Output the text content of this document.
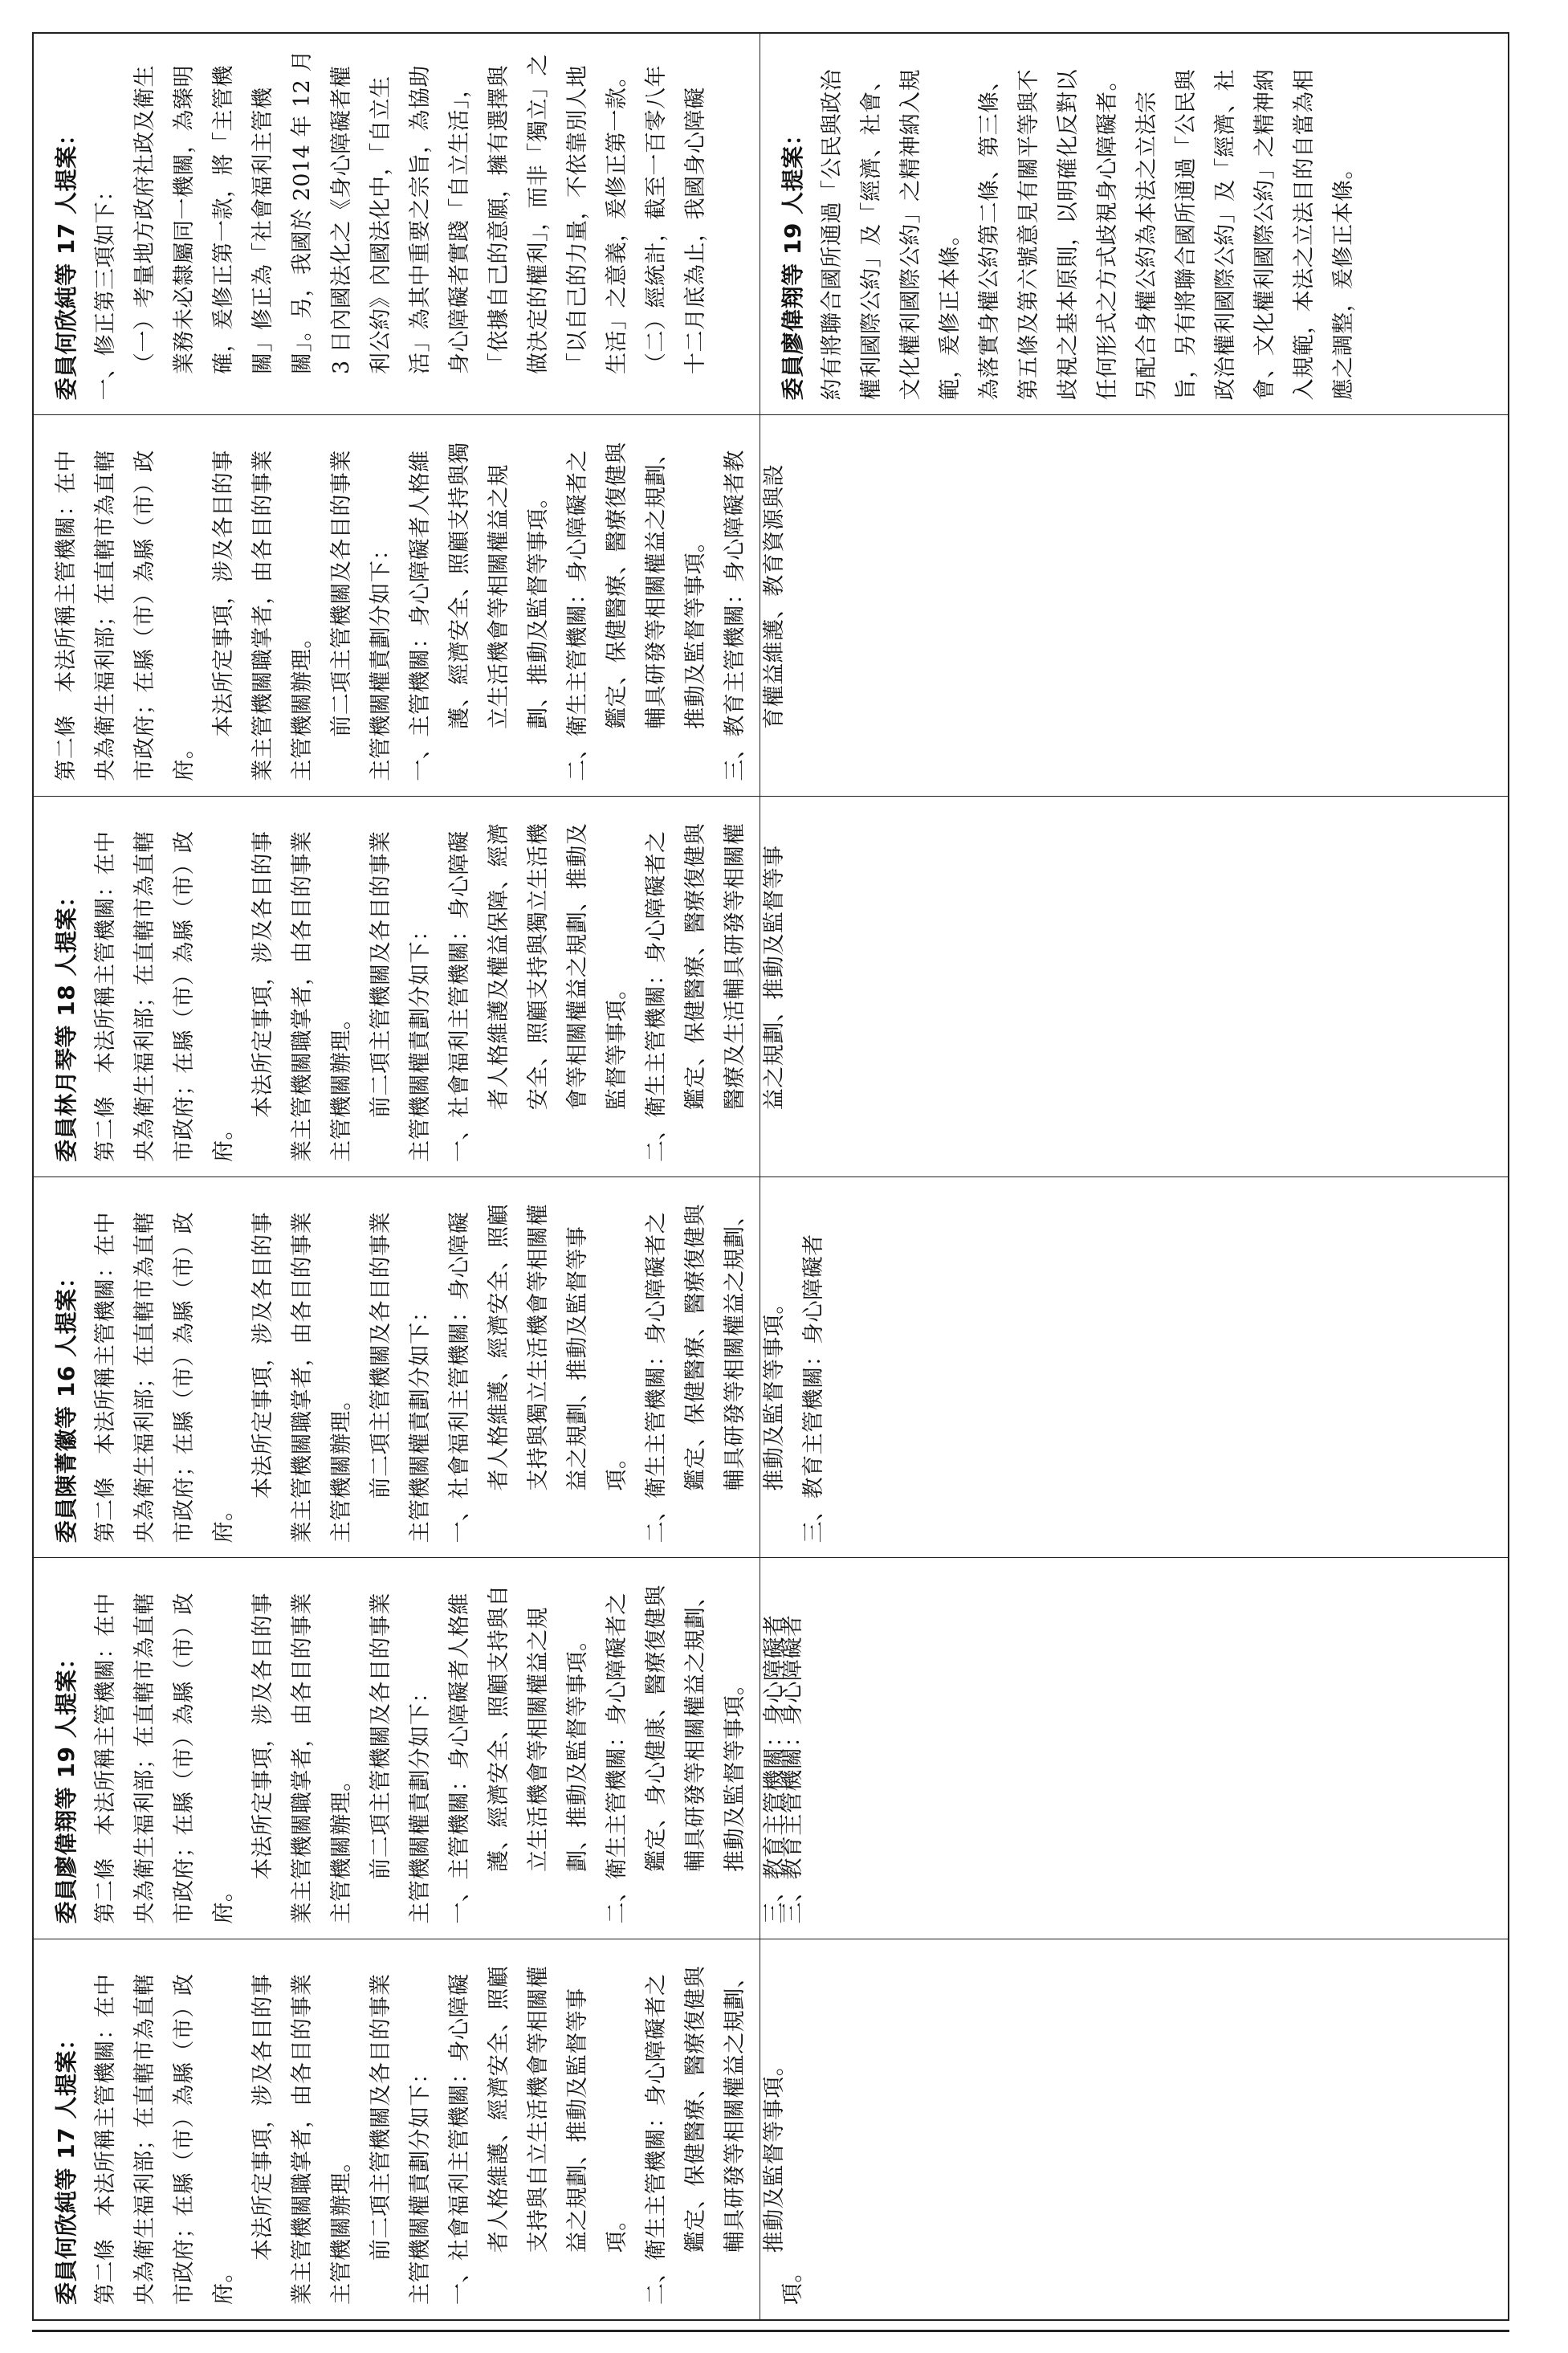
委員何欣純等 17 人提案： 第二條　本法所稱主管機關：在中央為衛生福利部；在直轄市為直轄市政府；在縣（市）為縣（市）政府。 　　本法所定事項，涉及各目的事業主管機關職掌者，由各目的事業主管機關辦理。 　　前二項主管機關及各目的事業主管機關權責劃分如下： 一、社會福利主管機關：身心障礙者人格維護、經濟安全、照顧支持與自立生活機會等相關權益之規劃、推動及監督等事項。 二、衛生主管機關：身心障礙者之鑑定、保健醫療、醫療復健與輔具研發等相關權益之規劃、推動及監督等事項。

委員廖偉翔等 19 人提案： 第二條　本法所稱主管機關：在中央為衛生福利部；在直轄市為直轄市政府；在縣（市）為縣（市）政府。 　　本法所定事項，涉及各目的事業主管機關職掌者，由各目的事業主管機關辦理。 　　前二項主管機關及各目的事業主管機關權責劃分如下： 一、主管機關：身心障礙者人格維護、經濟安全、照顧支持與自立生活機會等相關權益之規劃、推動及監督等事項。 二、衛生主管機關：身心障礙者之鑑定、身心健康、醫療復健與輔具研發等相關權益之規劃、推動及監督等事項。 三、教育主管機關：身心障礙者

委員陳菁徽等 16 人提案： 第二條　本法所稱主管機關：在中央為衛生福利部；在直轄市為直轄市政府；在縣（市）為縣（市）政府。 　　本法所定事項，涉及各目的事業主管機關職掌者，由各目的事業主管機關辦理。 　　前二項主管機關及各目的事業主管機關權責劃分如下： 一、社會福利主管機關：身心障礙者人格維護、經濟安全、照顧支持與獨立生活機會等相關權益之規劃、推動及監督等事項。 二、衛生主管機關：身心障礙者之鑑定、保健醫療、醫療復健與輔具研發等相關權益之規劃、推動及監督等事項。 三、教育主管機關：身心障礙者

委員林月琴等 18 人提案： 第二條　本法所稱主管機關：在中央為衛生福利部；在直轄市為直轄市政府；在縣（市）為縣（市）政府。 　　本法所定事項，涉及各目的事業主管機關職掌者，由各目的事業主管機關辦理。 　　前二項主管機關及各目的事業主管機關權責劃分如下： 一、社會福利主管機關：身心障礙者人格維護及權益保障、經濟安全、照顧支持與獨立生活機會等相關權益之規劃、推動及監督等事項。 二、衛生主管機關：身心障礙者之鑑定、保健醫療、醫療復健與醫療及生活輔具研發等相關權益之規劃、推動及監督等事

第二條　本法所稱主管機關：在中央為衛生福利部；在直轄市為直轄市政府；在縣（市）為縣（市）政府。 　　本法所定事項，涉及各目的事業主管機關職掌者，由各目的事業主管機關辦理。 　　前二項主管機關及各目的事業主管機關權責劃分如下： 一、主管機關：身心障礙者人格維護、經濟安全、照顧支持與獨立生活機會等相關權益之規劃、推動及監督等事項。 二、衛生主管機關：身心障礙者之鑑定、保健醫療、醫療復健與輔具研發等相關權益之規劃、推動及監督等事項。 三、教育主管機關：身心障礙者教育權益維護、教育資源與設

委員何欣純等 17 人提案： 一、修正第三項如下： （一）考量地方政府社政及衛生業務未必隸屬同一機關，為臻明確，爰修正第一款，將「主管機關」修正為「社會福利主管機關」。另，我國於 2014 年 12 月 3 日內國法化之《身心障礙者權利公約》內國法化中，「自立生活」為其中重要之宗旨，為協助身心障礙者實踐「自立生活」，「依據自己的意願，擁有選擇與做決定的權利」，而非「獨立」之「以自己的力量，不依靠別人地生活」之意義，爰修正第一款。 （二）經統計，截至一百零八年十二月底為止，我國身心障礙

項。

三、教育主管機關：身心障礙者

委員廖偉翔等 19 人提案： 約有將聯合國所通過「公民與政治權利國際公約」及「經濟、社會、文化權利國際公約」之精神納入規範，爰修正本條。 為落實身權公約第二條、第三條、第五條及第六號意見有關平等與不歧視之基本原則，以明確化反對以任何形式之方式歧視身心障礙者。另配合身權公約為本法之立法宗旨，另有將聯合國所通過「公民與政治權利國際公約」及「經濟、社會、文化權利國際公約」之精神納入規範，本法之立法目的自當為相應之調整，爰修正本條。
